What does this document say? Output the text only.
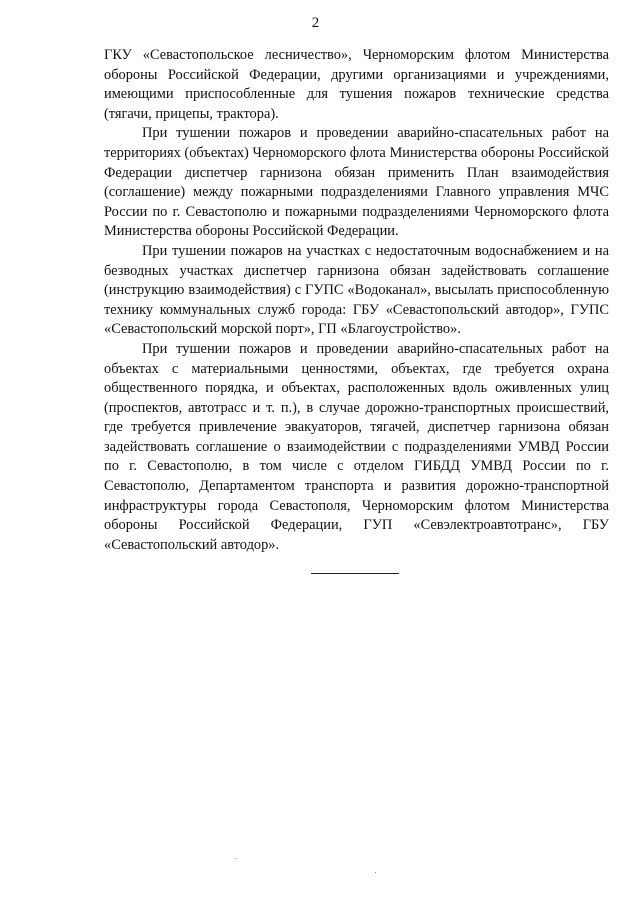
2

ГКУ «Севастопольское лесничество», Черноморским флотом Министерства обороны Российской Федерации, другими организациями и учреждениями, имеющими приспособленные для тушения пожаров технические средства (тягачи, прицепы, трактора).

При тушении пожаров и проведении аварийно-спасательных работ на территориях (объектах) Черноморского флота Министерства обороны Российской Федерации диспетчер гарнизона обязан применить План взаимодействия (соглашение) между пожарными подразделениями Главного управления МЧС России по г. Севастополю и пожарными подразделениями Черноморского флота Министерства обороны Российской Федерации.

При тушении пожаров на участках с недостаточным водоснабжением и на безводных участках диспетчер гарнизона обязан задействовать соглашение (инструкцию взаимодействия) с ГУПС «Водоканал», высылать приспособленную технику коммунальных служб города: ГБУ «Севастопольский автодор», ГУПС «Севастопольский морской порт», ГП «Благоустройство».

При тушении пожаров и проведении аварийно-спасательных работ на объектах с материальными ценностями, объектах, где требуется охрана общественного порядка, и объектах, расположенных вдоль оживленных улиц (проспектов, автотрасс и т. п.), в случае дорожно-транспортных происшествий, где требуется привлечение эвакуаторов, тягачей, диспетчер гарнизона обязан задействовать соглашение о взаимодействии с подразделениями УМВД России по г. Севастополю, в том числе с отделом ГИБДД УМВД России по г. Севастополю, Департаментом транспорта и развития дорожно-транспортной инфраструктуры города Севастополя, Черноморским флотом Министерства обороны Российской Федерации, ГУП «Севэлектроавтотранс», ГБУ «Севастопольский автодор».
